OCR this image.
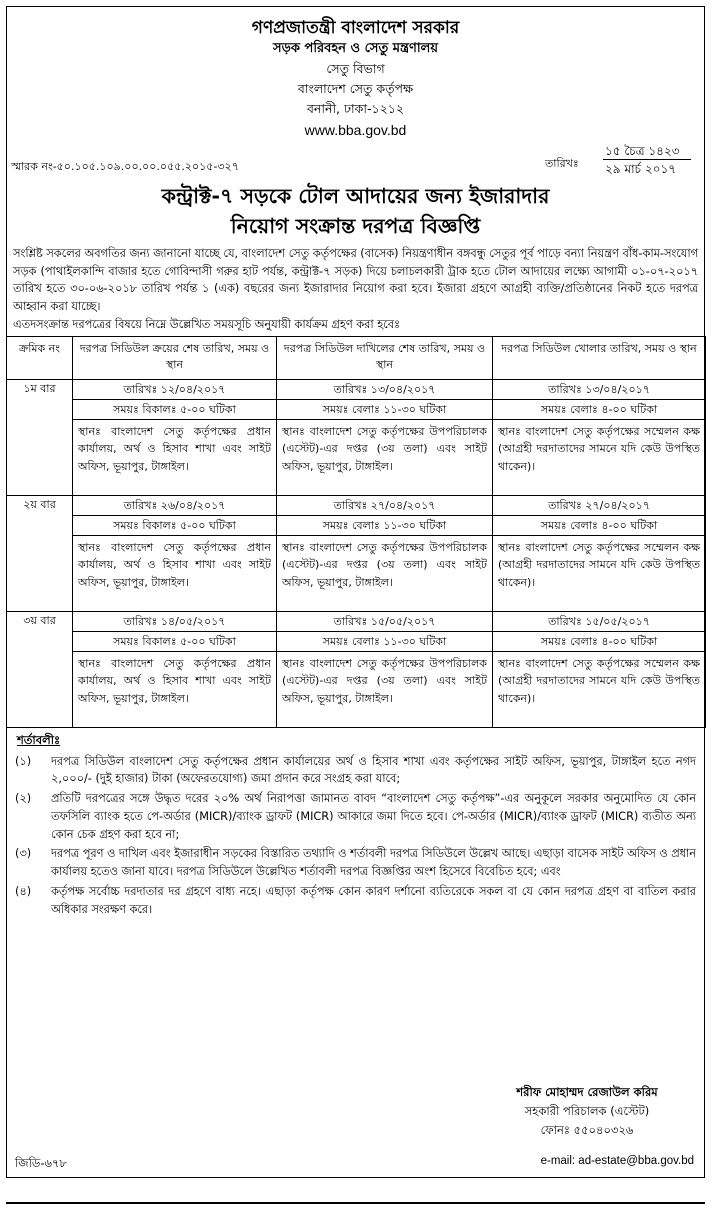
গণপ্রজাতন্ত্রী বাংলাদেশ সরকার
সড়ক পরিবহন ও সেতু মন্ত্রণালয়
সেতু বিভাগ
বাংলাদেশ সেতু কর্তৃপক্ষ
বনানী, ঢাকা-১২১২
www.bba.gov.bd
স্মারক নং-৫০.১০৫.১০৯.০০.০০.০৫৫.২০১৫-৩২৭	তারিখঃ
১৫ চৈত্র ১৪২৩
২৯ মার্চ ২০১৭
কন্ট্রাক্ট-৭ সড়কে টোল আদায়ের জন্য ইজারাদার
নিয়োগ সংক্রান্ত দরপত্র বিজ্ঞপ্তি
সংশ্লিষ্ট সকলের অবগতির জন্য জানানো যাচ্ছে যে, বাংলাদেশ সেতু কর্তৃপক্ষের (বাসেক) নিয়ন্ত্রণাধীন বঙ্গবন্ধু সেতুর পূর্ব পাড়ে বন্যা নিয়ন্ত্রণ বাঁধ-কাম-সংযোগ সড়ক (পাথাইলকান্দি বাজার হতে গোবিন্দাসী গরুর হাট পর্যন্ত, কন্ট্রাক্ট-৭ সড়ক) দিয়ে চলাচলকারী ট্রাক হতে টোল আদায়ের লক্ষ্যে আগামী ০১-০৭-২০১৭ তারিখ হতে ৩০-০৬-২০১৮ তারিখ পর্যন্ত ১ (এক) বছরের জন্য ইজারাদার নিয়োগ করা হবে। ইজারা গ্রহণে আগ্রহী ব্যক্তি/প্রতিষ্ঠানের নিকট হতে দরপত্র আহ্বান করা যাচ্ছে।
এতদসংক্রান্ত দরপত্রের বিষয়ে নিম্নে উল্লেখিত সময়সূচি অনুযায়ী কার্যক্রম গ্রহণ করা হবেঃ
ক্রমিক নং	দরপত্র সিডিউল ক্রয়ের শেষ তারিখ, সময় ও স্থান	দরপত্র সিডিউল দাখিলের শেষ তারিখ, সময় ও স্থান	দরপত্র সিডিউল খোলার তারিখ, সময় ও স্থান
১ম বার	তারিখঃ ১২/০৪/২০১৭	তারিখঃ ১৩/০৪/২০১৭	তারিখঃ ১৩/০৪/২০১৭
	সময়ঃ বিকালঃ ৫-০০ ঘটিকা	সময়ঃ বেলাঃ ১১-৩০ ঘটিকা	সময়ঃ বেলাঃ ৪-০০ ঘটিকা
	স্থানঃ বাংলাদেশ সেতু কর্তৃপক্ষের প্রধান কার্যালয়, অর্থ ও হিসাব শাখা এবং সাইট অফিস, ভূয়াপুর, টাঙ্গাইল।	স্থানঃ বাংলাদেশ সেতু কর্তৃপক্ষের উপপরিচালক (এস্টেট)-এর দপ্তর (৩য় তলা) এবং সাইট অফিস, ভূয়াপুর, টাঙ্গাইল।	স্থানঃ বাংলাদেশ সেতু কর্তৃপক্ষের সম্মেলন কক্ষ (আগ্রহী দরদাতাদের সামনে যদি কেউ উপস্থিত থাকেন)।
২য় বার	তারিখঃ ২৬/০৪/২০১৭	তারিখঃ ২৭/০৪/২০১৭	তারিখঃ ২৭/০৪/২০১৭
	সময়ঃ বিকালঃ ৫-০০ ঘটিকা	সময়ঃ বেলাঃ ১১-৩০ ঘটিকা	সময়ঃ বেলাঃ ৪-০০ ঘটিকা
	স্থানঃ বাংলাদেশ সেতু কর্তৃপক্ষের প্রধান কার্যালয়, অর্থ ও হিসাব শাখা এবং সাইট অফিস, ভূয়াপুর, টাঙ্গাইল।	স্থানঃ বাংলাদেশ সেতু কর্তৃপক্ষের উপপরিচালক (এস্টেট)-এর দপ্তর (৩য় তলা) এবং সাইট অফিস, ভূয়াপুর, টাঙ্গাইল।	স্থানঃ বাংলাদেশ সেতু কর্তৃপক্ষের সম্মেলন কক্ষ (আগ্রহী দরদাতাদের সামনে যদি কেউ উপস্থিত থাকেন)।
৩য় বার	তারিখঃ ১৪/০৫/২০১৭	তারিখঃ ১৫/০৫/২০১৭	তারিখঃ ১৫/০৫/২০১৭
	সময়ঃ বিকালঃ ৫-০০ ঘটিকা	সময়ঃ বেলাঃ ১১-৩০ ঘটিকা	সময়ঃ বেলাঃ ৪-০০ ঘটিকা
	স্থানঃ বাংলাদেশ সেতু কর্তৃপক্ষের প্রধান কার্যালয়, অর্থ ও হিসাব শাখা এবং সাইট অফিস, ভূয়াপুর, টাঙ্গাইল।	স্থানঃ বাংলাদেশ সেতু কর্তৃপক্ষের উপপরিচালক (এস্টেট)-এর দপ্তর (৩য় তলা) এবং সাইট অফিস, ভূয়াপুর, টাঙ্গাইল।	স্থানঃ বাংলাদেশ সেতু কর্তৃপক্ষের সম্মেলন কক্ষ (আগ্রহী দরদাতাদের সামনে যদি কেউ উপস্থিত থাকেন)।
শর্তাবলীঃ
(১)	দরপত্র সিডিউল বাংলাদেশ সেতু কর্তৃপক্ষের প্রধান কার্যালয়ের অর্থ ও হিসাব শাখা এবং কর্তৃপক্ষের সাইট অফিস, ভূয়াপুর, টাঙ্গাইল হতে নগদ ২,০০০/- (দুই হাজার) টাকা (অফেরতযোগ্য) জমা প্রদান করে সংগ্রহ করা যাবে;
(২)	প্রতিটি দরপত্রের সঙ্গে উদ্ধৃত দরের ২০% অর্থ নিরাপত্তা জামানত বাবদ “বাংলাদেশ সেতু কর্তৃপক্ষ”-এর অনুকূলে সরকার অনুমোদিত যে কোন তফসিলি ব্যাংক হতে পে-অর্ডার (MICR)/ব্যাংক ড্রাফট (MICR) আকারে জমা দিতে হবে। পে-অর্ডার (MICR)/ব্যাংক ড্রাফট (MICR) ব্যতীত অন্য কোন চেক গ্রহণ করা হবে না;
(৩)	দরপত্র পূরণ ও দাখিল এবং ইজারাধীন সড়কের বিস্তারিত তথ্যাদি ও শর্তাবলী দরপত্র সিডিউলে উল্লেখ আছে। এছাড়া বাসেক সাইট অফিস ও প্রধান কার্যালয় হতেও জানা যাবে। দরপত্র সিডিউলে উল্লেখিত শর্তাবলী দরপত্র বিজ্ঞপ্তির অংশ হিসেবে বিবেচিত হবে; এবং
(৪)	কর্তৃপক্ষ সর্বোচ্চ দরদাতার দর গ্রহণে বাধ্য নহে। এছাড়া কর্তৃপক্ষ কোন কারণ দর্শানো ব্যতিরেকে সকল বা যে কোন দরপত্র গ্রহণ বা বাতিল করার অধিকার সংরক্ষণ করে।
শরীফ মোহাম্মদ রেজাউল করিম
সহকারী পরিচালক (এস্টেট)
ফোনঃ ৫৫০৪০৩২৬
জিডি-৬৭৮	e-mail: ad-estate@bba.gov.bd
